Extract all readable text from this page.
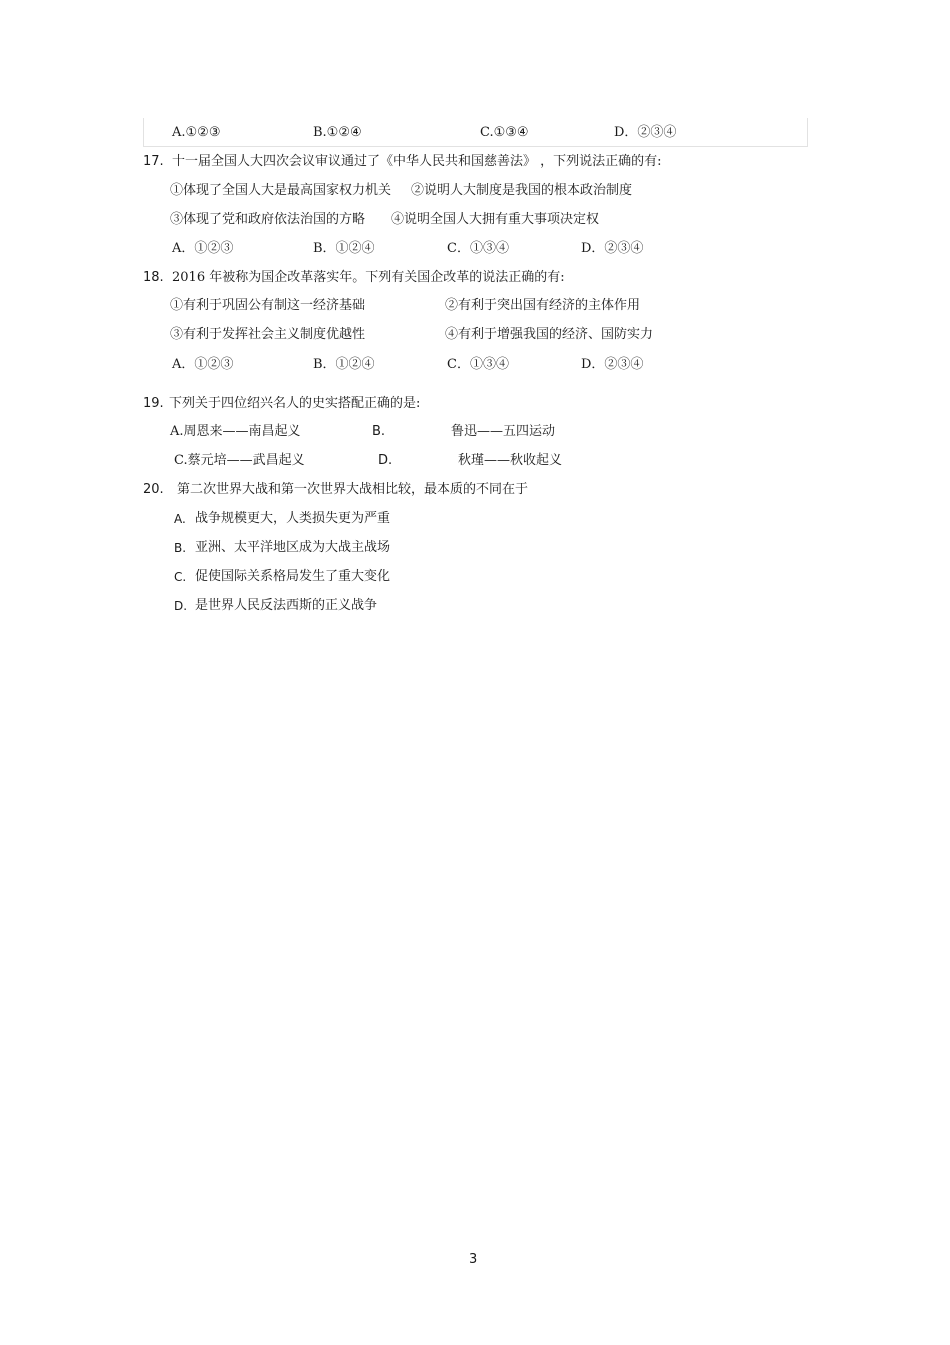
A.①②③	B.①②④	C.①③④	D．②③④
17. 十一届全国人大四次会议审议通过了《中华人民共和国慈善法》 ，下列说法正确的有:
①体现了全国人大是最高国家权力机关 ②说明人大制度是我国的根本政治制度
③体现了党和政府依法治国的方略 ④说明全国人大拥有重大事项决定权
A．①②③	B．①②④	C．①③④	D．②③④
18. 2016 年被称为国企改革落实年。下列有关国企改革的说法正确的有:
①有利于巩固公有制这一经济基础	②有利于突出国有经济的主体作用
③有利于发挥社会主义制度优越性	④有利于增强我国的经济、国防实力
A．①②③	B．①②④	C．①③④	D．②③④
19. 下列关于四位绍兴名人的史实搭配正确的是:
A.周恩来——南昌起义	B.	鲁迅——五四运动
C.蔡元培——武昌起义	D.	秋瑾——秋收起义
20. 第二次世界大战和第一次世界大战相比较，最本质的不同在于
A. 战争规模更大，人类损失更为严重
B. 亚洲、太平洋地区成为大战主战场
C. 促使国际关系格局发生了重大变化
D. 是世界人民反法西斯的正义战争
3
